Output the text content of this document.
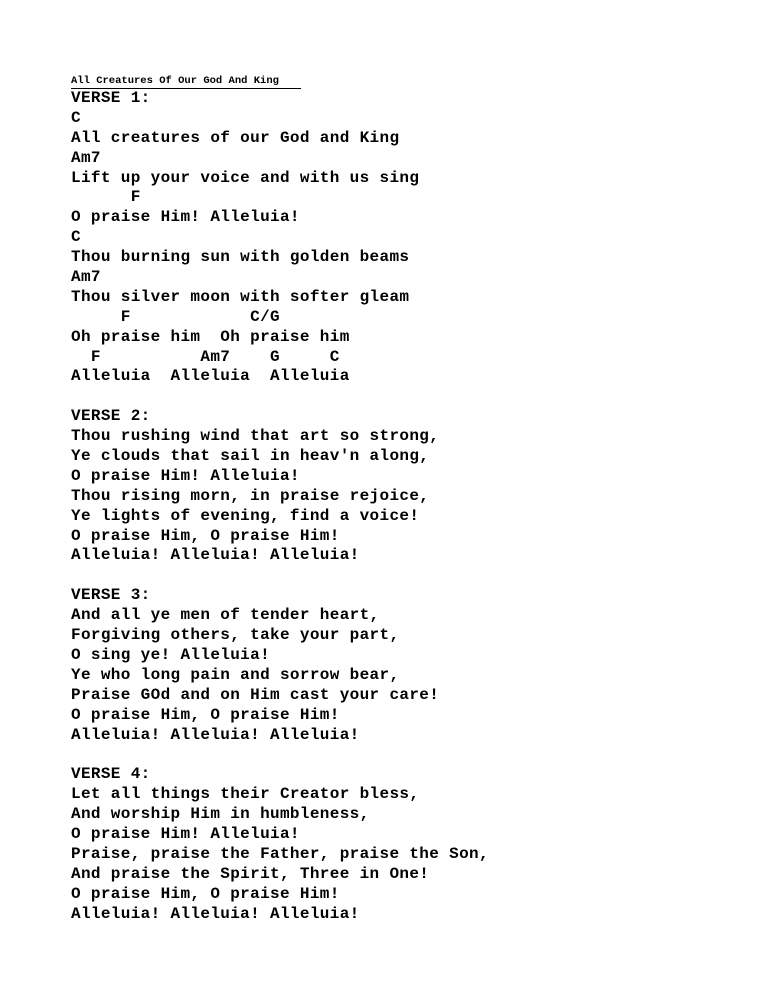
All Creatures Of Our God And King
VERSE 1:
C
All creatures of our God and King
Am7
Lift up your voice and with us sing
F
O praise Him! Alleluia!
C
Thou burning sun with golden beams
Am7
Thou silver moon with softer gleam
F            C/G
Oh praise him  Oh praise him
F          Am7    G     C
Alleluia  Alleluia  Alleluia
VERSE 2:
Thou rushing wind that art so strong,
Ye clouds that sail in heav'n along,
O praise Him! Alleluia!
Thou rising morn, in praise rejoice,
Ye lights of evening, find a voice!
O praise Him, O praise Him!
Alleluia! Alleluia! Alleluia!
VERSE 3:
And all ye men of tender heart,
Forgiving others, take your part,
O sing ye! Alleluia!
Ye who long pain and sorrow bear,
Praise GOd and on Him cast your care!
O praise Him, O praise Him!
Alleluia! Alleluia! Alleluia!
VERSE 4:
Let all things their Creator bless,
And worship Him in humbleness,
O praise Him! Alleluia!
Praise, praise the Father, praise the Son,
And praise the Spirit, Three in One!
O praise Him, O praise Him!
Alleluia! Alleluia! Alleluia!
